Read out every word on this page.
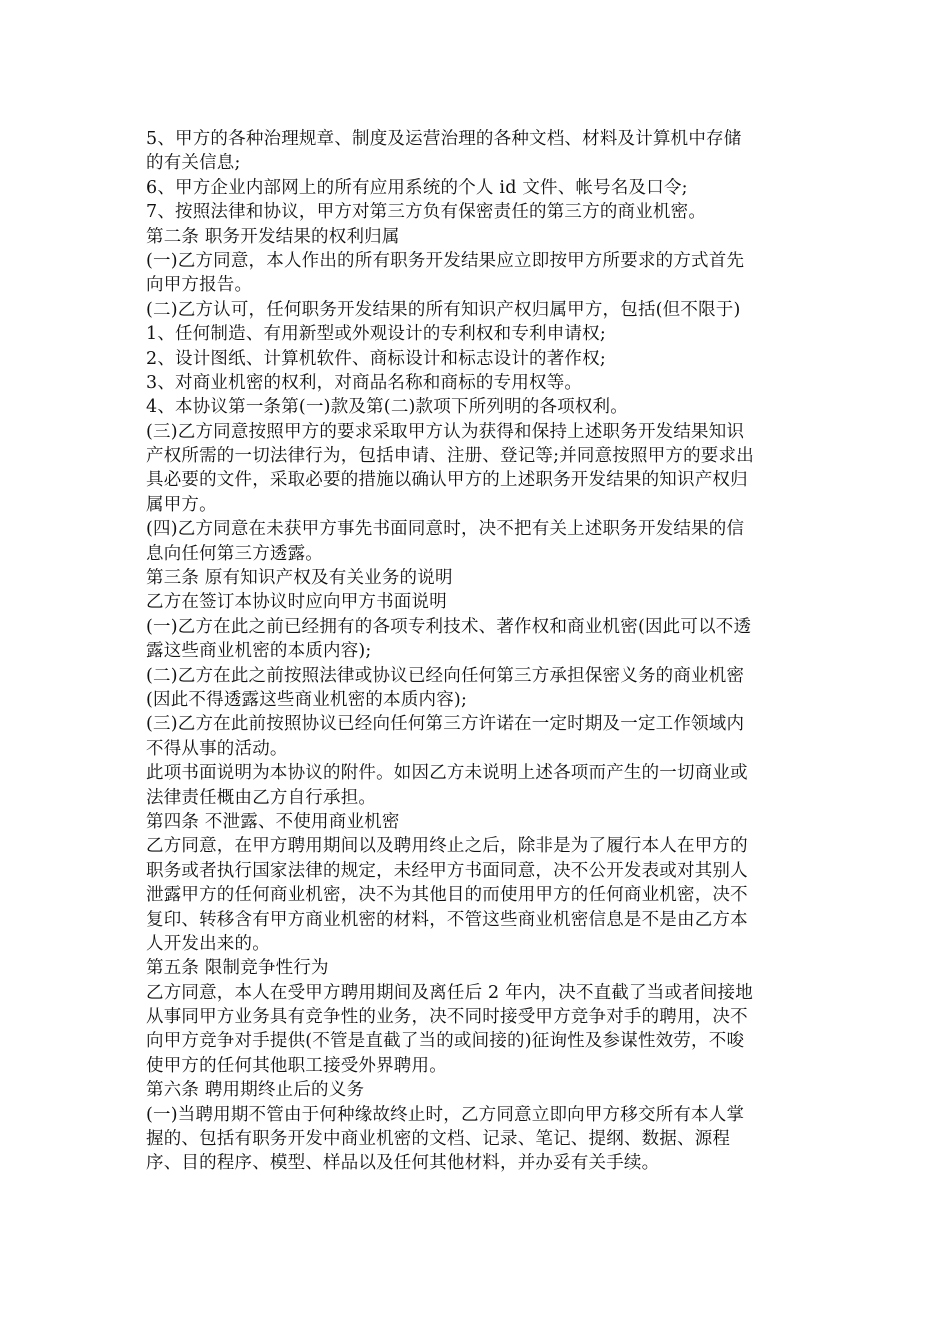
5、甲方的各种治理规章、制度及运营治理的各种文档、材料及计算机中存储
的有关信息;
6、甲方企业内部网上的所有应用系统的个人 id 文件、帐号名及口令;
7、按照法律和协议，甲方对第三方负有保密责任的第三方的商业机密。
第二条 职务开发结果的权利归属
(一)乙方同意，本人作出的所有职务开发结果应立即按甲方所要求的方式首先
向甲方报告。
(二)乙方认可，任何职务开发结果的所有知识产权归属甲方，包括(但不限于)
1、任何制造、有用新型或外观设计的专利权和专利申请权;
2、设计图纸、计算机软件、商标设计和标志设计的著作权;
3、对商业机密的权利，对商品名称和商标的专用权等。
4、本协议第一条第(一)款及第(二)款项下所列明的各项权利。
(三)乙方同意按照甲方的要求采取甲方认为获得和保持上述职务开发结果知识
产权所需的一切法律行为，包括申请、注册、登记等;并同意按照甲方的要求出
具必要的文件，采取必要的措施以确认甲方的上述职务开发结果的知识产权归
属甲方。
(四)乙方同意在未获甲方事先书面同意时，决不把有关上述职务开发结果的信
息向任何第三方透露。
第三条 原有知识产权及有关业务的说明
乙方在签订本协议时应向甲方书面说明
(一)乙方在此之前已经拥有的各项专利技术、著作权和商业机密(因此可以不透
露这些商业机密的本质内容);
(二)乙方在此之前按照法律或协议已经向任何第三方承担保密义务的商业机密
(因此不得透露这些商业机密的本质内容);
(三)乙方在此前按照协议已经向任何第三方许诺在一定时期及一定工作领域内
不得从事的活动。
此项书面说明为本协议的附件。如因乙方未说明上述各项而产生的一切商业或
法律责任概由乙方自行承担。
第四条 不泄露、不使用商业机密
乙方同意，在甲方聘用期间以及聘用终止之后，除非是为了履行本人在甲方的
职务或者执行国家法律的规定，未经甲方书面同意，决不公开发表或对其别人
泄露甲方的任何商业机密，决不为其他目的而使用甲方的任何商业机密，决不
复印、转移含有甲方商业机密的材料，不管这些商业机密信息是不是由乙方本
人开发出来的。
第五条 限制竞争性行为
乙方同意，本人在受甲方聘用期间及离任后 2 年内，决不直截了当或者间接地
从事同甲方业务具有竞争性的业务，决不同时接受甲方竞争对手的聘用，决不
向甲方竞争对手提供(不管是直截了当的或间接的)征询性及参谋性效劳，不唆
使甲方的任何其他职工接受外界聘用。
第六条 聘用期终止后的义务
(一)当聘用期不管由于何种缘故终止时，乙方同意立即向甲方移交所有本人掌
握的、包括有职务开发中商业机密的文档、记录、笔记、提纲、数据、源程
序、目的程序、模型、样品以及任何其他材料，并办妥有关手续。
